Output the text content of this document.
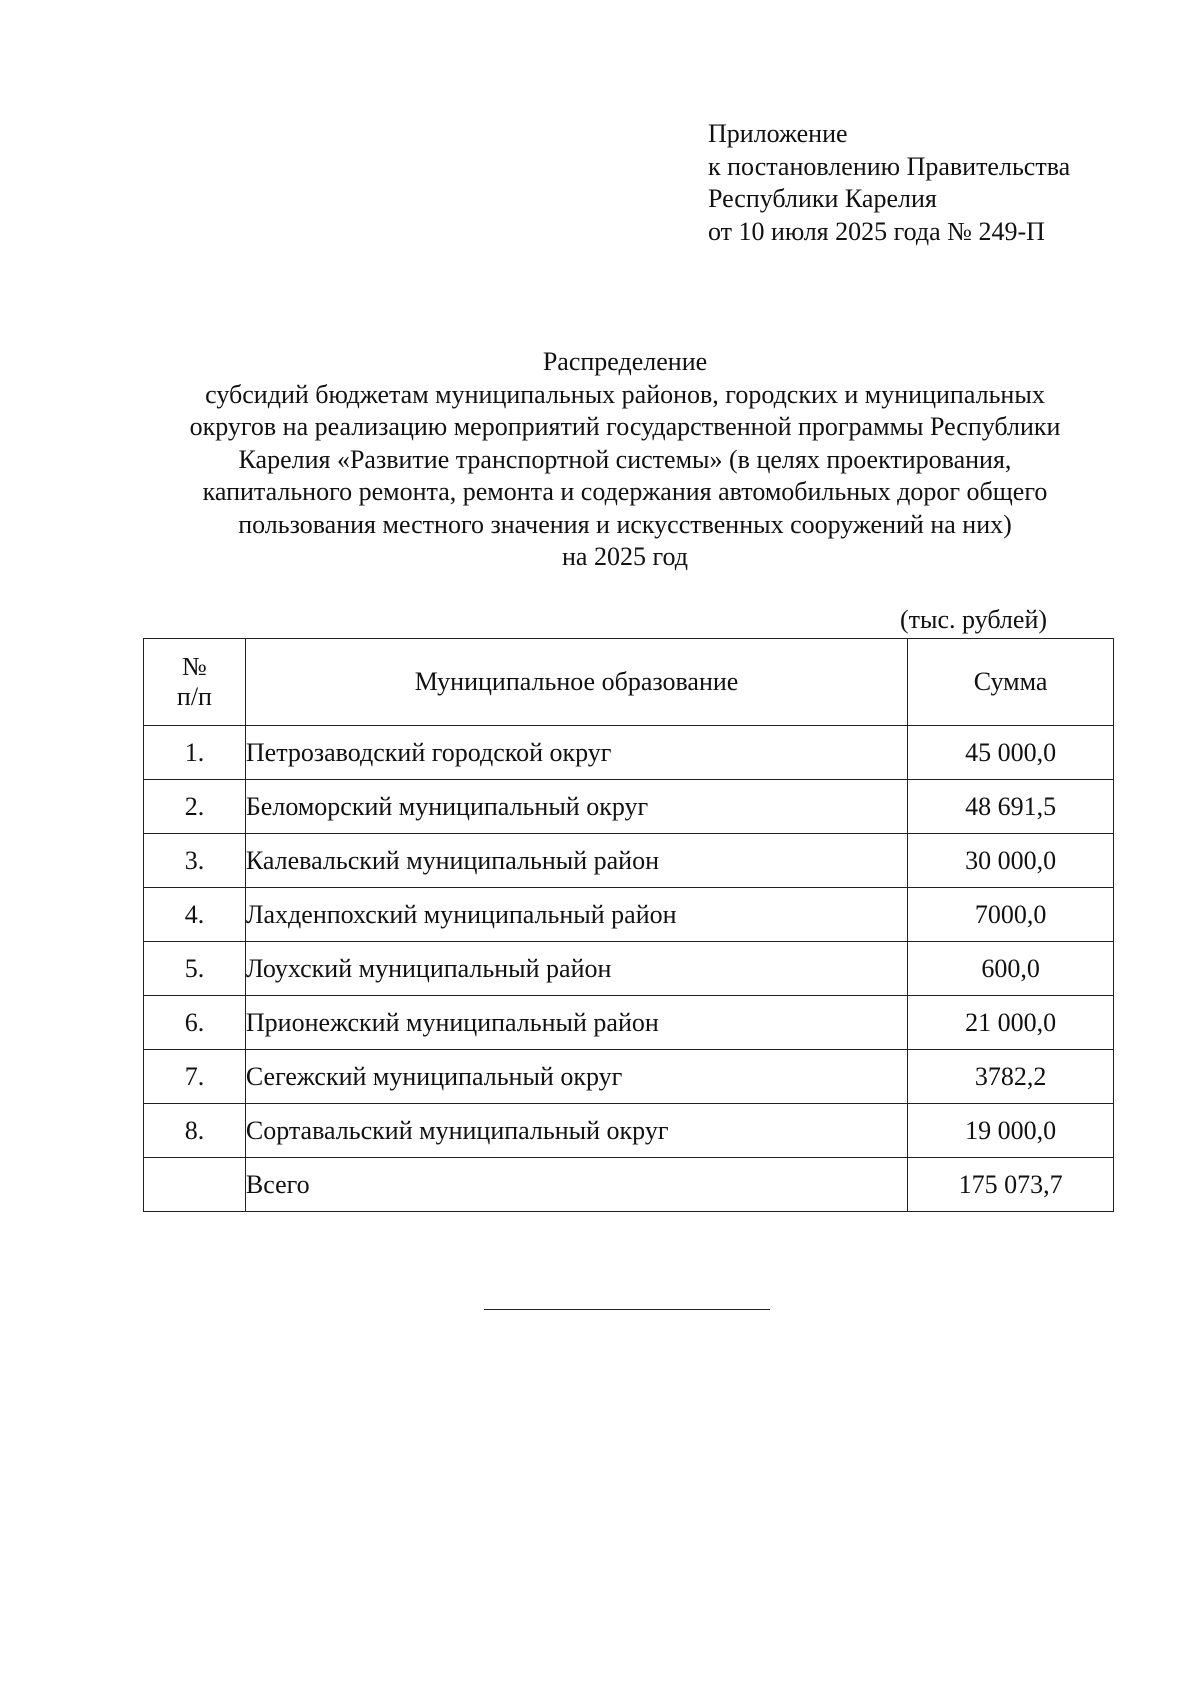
Приложение
к постановлению Правительства
Республики Карелия
от 10 июля 2025 года № 249-П
Распределение
субсидий бюджетам муниципальных районов, городских и муниципальных
округов на реализацию мероприятий государственной программы Республики
Карелия «Развитие транспортной системы» (в целях проектирования,
капитального ремонта, ремонта и содержания автомобильных дорог общего
пользования местного значения и искусственных сооружений на них)
на 2025 год
(тыс. рублей)
№
п/п	Муниципальное образование	Сумма
1.	Петрозаводский городской округ	45 000,0
2.	Беломорский муниципальный округ	48 691,5
3.	Калевальский муниципальный район	30 000,0
4.	Лахденпохский муниципальный район	7000,0
5.	Лоухский муниципальный район	600,0
6.	Прионежский муниципальный район	21 000,0
7.	Сегежский муниципальный округ	3782,2
8.	Сортавальский муниципальный округ	19 000,0
	Всего	175 073,7
